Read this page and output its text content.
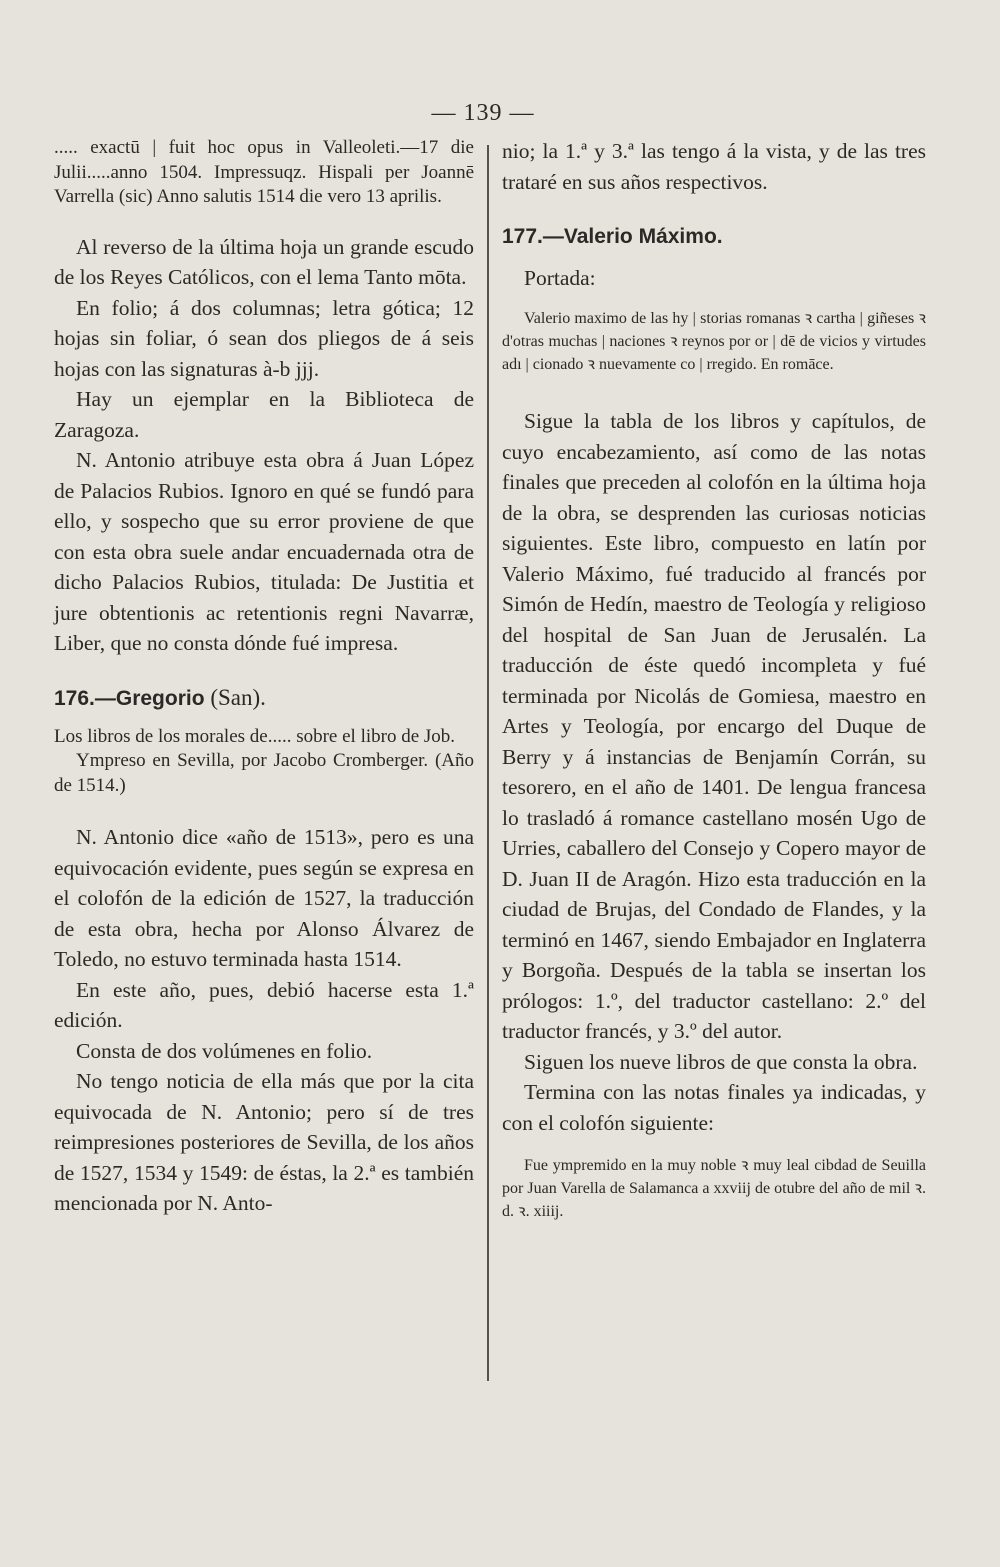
— 139 —

..... exactū | fuit hoc opus in Valleoleti.—17 die Julii.....anno 1504. Impressuqz. Hispali per Joannē Varrella (sic) Anno salutis 1514 die vero 13 aprilis.

Al reverso de la última hoja un grande escudo de los Reyes Católicos, con el lema Tanto mōta.

En folio; á dos columnas; letra gótica; 12 hojas sin foliar, ó sean dos pliegos de á seis hojas con las signaturas à-b jjj.

Hay un ejemplar en la Biblioteca de Zaragoza.

N. Antonio atribuye esta obra á Juan López de Palacios Rubios. Ignoro en qué se fundó para ello, y sospecho que su error proviene de que con esta obra suele andar encuadernada otra de dicho Palacios Rubios, titulada: De Justitia et jure obtentionis ac retentionis regni Navarræ, Liber, que no consta dónde fué impresa.

176.—Gregorio (San).

Los libros de los morales de..... sobre el libro de Job.

Ympreso en Sevilla, por Jacobo Cromberger. (Año de 1514.)

N. Antonio dice «año de 1513», pero es una equivocación evidente, pues según se expresa en el colofón de la edición de 1527, la traducción de esta obra, hecha por Alonso Álvarez de Toledo, no estuvo terminada hasta 1514.

En este año, pues, debió hacerse esta 1.ª edición.

Consta de dos volúmenes en folio.

No tengo noticia de ella más que por la cita equivocada de N. Antonio; pero sí de tres reimpresiones posteriores de Sevilla, de los años de 1527, 1534 y 1549: de éstas, la 2.ª es también mencionada por N. Anto-

nio; la 1.ª y 3.ª las tengo á la vista, y de las tres trataré en sus años respectivos.

177.—Valerio Máximo.

Portada:

Valerio maximo de las hy | storias romanas ꝛ cartha | giñeses ꝛ d'otras muchas | naciones ꝛ reynos por or | dē de vicios y virtudes adı | cionado ꝛ nuevamente co | rregido. En romāce.

Sigue la tabla de los libros y capítulos, de cuyo encabezamiento, así como de las notas finales que preceden al colofón en la última hoja de la obra, se desprenden las curiosas noticias siguientes. Este libro, compuesto en latín por Valerio Máximo, fué traducido al francés por Simón de Hedín, maestro de Teología y religioso del hospital de San Juan de Jerusalén. La traducción de éste quedó incompleta y fué terminada por Nicolás de Gomiesa, maestro en Artes y Teología, por encargo del Duque de Berry y á instancias de Benjamín Corrán, su tesorero, en el año de 1401. De lengua francesa lo trasladó á romance castellano mosén Ugo de Urries, caballero del Consejo y Copero mayor de D. Juan II de Aragón. Hizo esta traducción en la ciudad de Brujas, del Condado de Flandes, y la terminó en 1467, siendo Embajador en Inglaterra y Borgoña. Después de la tabla se insertan los prólogos: 1.º, del traductor castellano: 2.º del traductor francés, y 3.º del autor.

Siguen los nueve libros de que consta la obra.

Termina con las notas finales ya indicadas, y con el colofón siguiente:

Fue ympremido en la muy noble ꝛ muy leal cibdad de Seuilla por Juan Varella de Salamanca a xxviij de otubre del año de mil ꝛ. d. ꝛ. xiiij.
